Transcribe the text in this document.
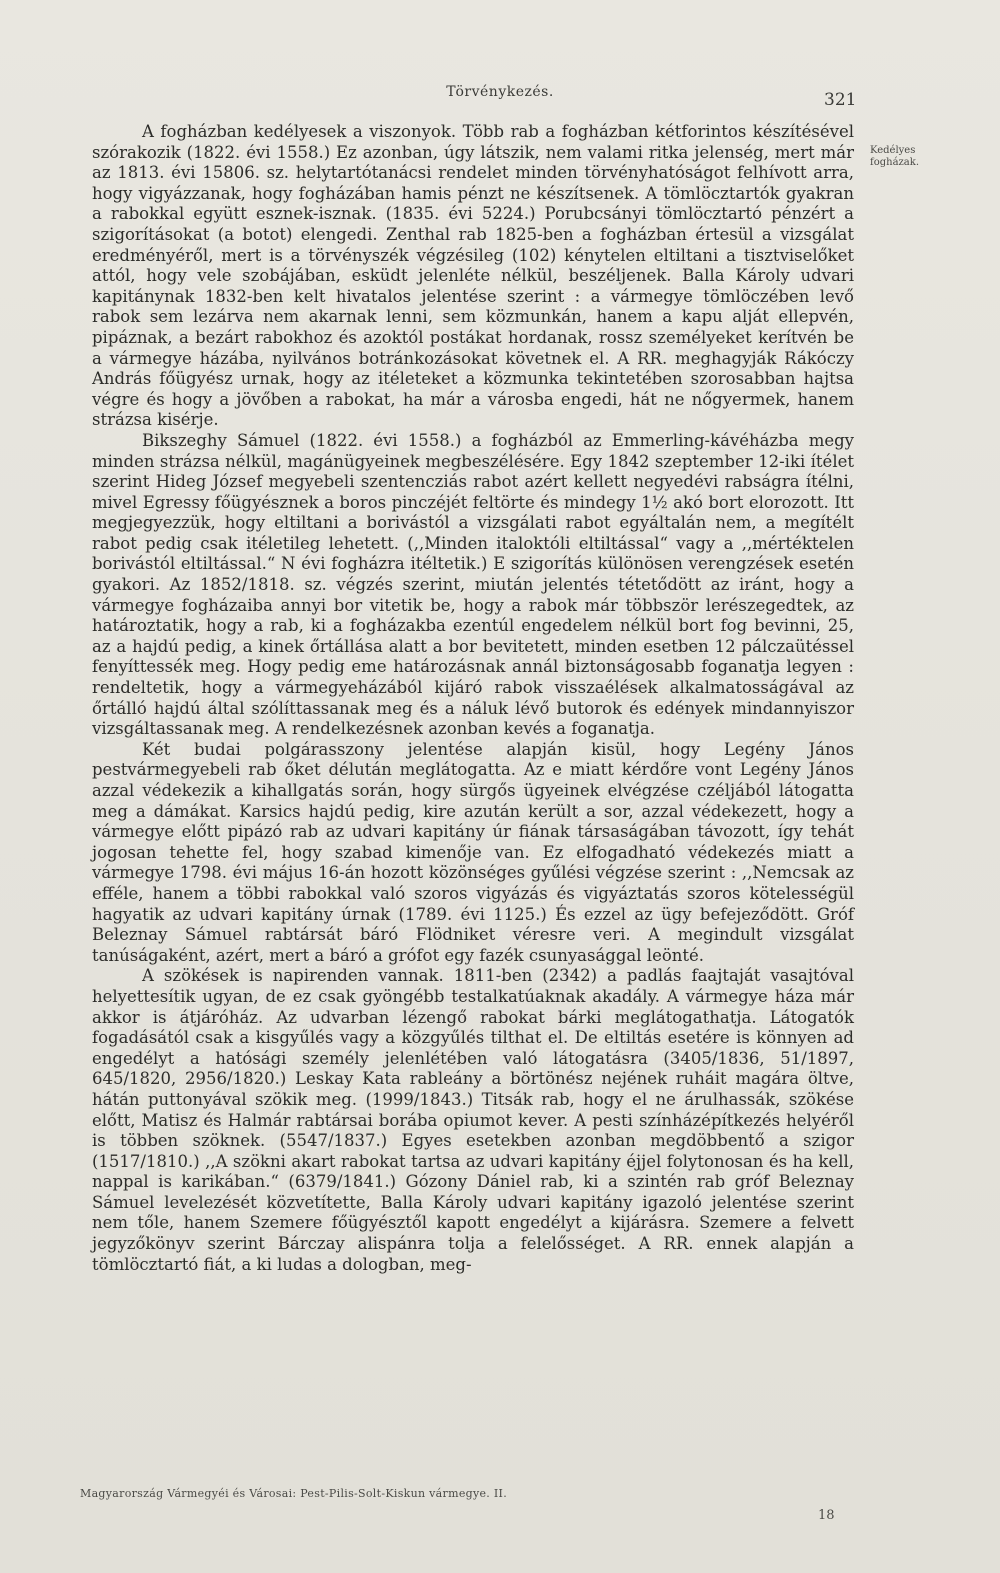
Törvénykezés.	321
Kedélyes
fogházak.

A fogházban kedélyesek a viszonyok. Több rab a fogházban kétforintos készítésével szórakozik (1822. évi 1558.) Ez azonban, úgy látszik, nem valami ritka jelenség, mert már az 1813. évi 15806. sz. helytartótanácsi rendelet minden törvényhatóságot felhívott arra, hogy vigyázzanak, hogy fogházában hamis pénzt ne készítsenek. A tömlöcztartók gyakran a rabokkal együtt esznek-isznak. (1835. évi 5224.) Porubcsányi tömlöcztartó pénzért a szigorításokat (a botot) elengedi. Zenthal rab 1825-ben a fogházban értesül a vizsgálat eredményéről, mert is a törvényszék végzésileg (102) kénytelen eltiltani a tisztviselőket attól, hogy vele szobájában, esküdt jelenléte nélkül, beszéljenek. Balla Károly udvari kapitánynak 1832-ben kelt hivatalos jelentése szerint : a vármegye tömlöczében levő rabok sem lezárva nem akarnak lenni, sem közmunkán, hanem a kapu alját ellepvén, pipáznak, a bezárt rabokhoz és azoktól postákat hordanak, rossz személyeket kerítvén be a vármegye házába, nyilvános botránkozásokat követnek el. A RR. meghagyják Rákóczy András főügyész urnak, hogy az itéleteket a közmunka tekintetében szorosabban hajtsa végre és hogy a jövőben a rabokat, ha már a városba engedi, hát ne nőgyermek, hanem strázsa kisérje.

Bikszeghy Sámuel (1822. évi 1558.) a fogházból az Emmerling-kávéházba megy minden strázsa nélkül, magánügyeinek megbeszélésére. Egy 1842 szeptember 12-iki ítélet szerint Hideg József megyebeli szentencziás rabot azért kellett negyedévi rabságra ítélni, mivel Egressy főügyésznek a boros pinczéjét feltörte és mindegy 1½ akó bort elorozott. Itt megjegyezzük, hogy eltiltani a borivástól a vizsgálati rabot egyáltalán nem, a megítélt rabot pedig csak itéletileg lehetett. (,,Minden italoktóli eltiltással“ vagy a ,,mértéktelen borivástól eltiltással.“ N évi fogházra itéltetik.) E szigorítás különösen verengzések esetén gyakori. Az 1852/1818. sz. végzés szerint, miután jelentés tétetődött az iránt, hogy a vármegye fogházaiba annyi bor vitetik be, hogy a rabok már többször lerészegedtek, az határoztatik, hogy a rab, ki a fogházakba ezentúl engedelem nélkül bort fog bevinni, 25, az a hajdú pedig, a kinek őrtállása alatt a bor bevitetett, minden esetben 12 pálczaütéssel fenyíttessék meg. Hogy pedig eme határozásnak annál biztonságosabb foganatja legyen : rendeltetik, hogy a vármegyeházából kijáró rabok visszaélések alkalmatosságával az őrtálló hajdú által szólíttassanak meg és a náluk lévő butorok és edények mindannyiszor vizsgáltassanak meg. A rendelkezésnek azonban kevés a foganatja.

Két budai polgárasszony jelentése alapján kisül, hogy Legény János pestvármegyebeli rab őket délután meglátogatta. Az e miatt kérdőre vont Legény János azzal védekezik a kihallgatás során, hogy sürgős ügyeinek elvégzése czéljából látogatta meg a dámákat. Karsics hajdú pedig, kire azután került a sor, azzal védekezett, hogy a vármegye előtt pipázó rab az udvari kapitány úr fiának társaságában távozott, így tehát jogosan tehette fel, hogy szabad kimenője van. Ez elfogadható védekezés miatt a vármegye 1798. évi május 16-án hozott közönséges gyűlési végzése szerint : ,,Nemcsak az efféle, hanem a többi rabokkal való szoros vigyázás és vigyáztatás szoros kötelességül hagyatik az udvari kapitány úrnak (1789. évi 1125.) És ezzel az ügy befejeződött. Gróf Beleznay Sámuel rabtársát báró Flödniket véresre veri. A megindult vizsgálat tanúságaként, azért, mert a báró a grófot egy fazék csunyasággal leönté.

A szökések is napirenden vannak. 1811-ben (2342) a padlás faajtaját vasajtóval helyettesítik ugyan, de ez csak gyöngébb testalkatúaknak akadály. A vármegye háza már akkor is átjáróház. Az udvarban lézengő rabokat bárki meglátogathatja. Látogatók fogadásától csak a kisgyűlés vagy a közgyűlés tilthat el. De eltiltás esetére is könnyen ad engedélyt a hatósági személy jelenlétében való látogatásra (3405/1836, 51/1897, 645/1820, 2956/1820.) Leskay Kata rableány a börtönész nejének ruháit magára öltve, hátán puttonyával szökik meg. (1999/1843.) Titsák rab, hogy el ne árulhassák, szökése előtt, Matisz és Halmár rabtársai borába opiumot kever. A pesti színházépítkezés helyéről is többen szöknek. (5547/1837.) Egyes esetekben azonban megdöbbentő a szigor (1517/1810.) ,,A szökni akart rabokat tartsa az udvari kapitány éjjel folytonosan és ha kell, nappal is karikában.“ (6379/1841.) Gózony Dániel rab, ki a szintén rab gróf Beleznay Sámuel levelezését közvetítette, Balla Károly udvari kapitány igazoló jelentése szerint nem tőle, hanem Szemere főügyésztől kapott engedélyt a kijárásra. Szemere a felvett jegyzőkönyv szerint Bárczay alispánra tolja a felelősséget. A RR. ennek alapján a tömlöcztartó fiát, a ki ludas a dologban, meg-

Magyarország Vármegyéi és Városai: Pest-Pilis-Solt-Kiskun vármegye. II.
18
